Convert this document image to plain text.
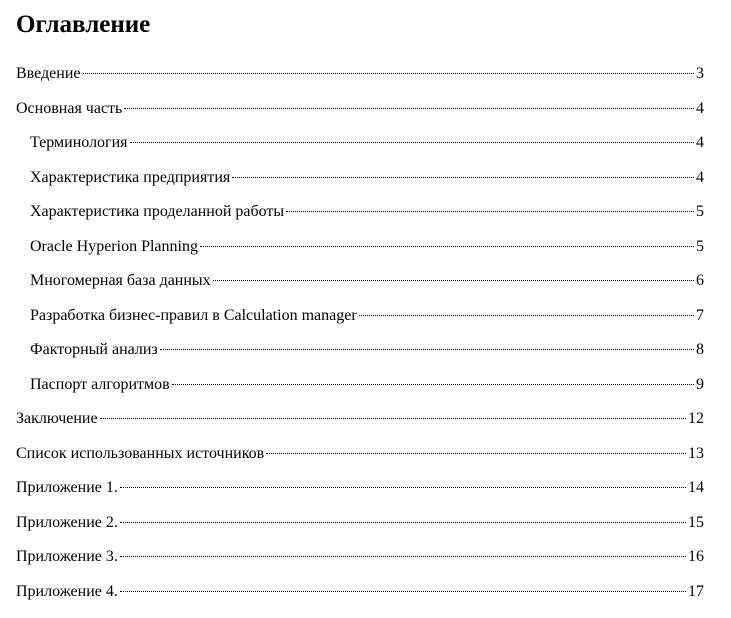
Оглавление
Введение	3
Основная часть	4
Терминология	4
Характеристика предприятия	4
Характеристика проделанной работы	5
Oracle Hyperion Planning	5
Многомерная база данных	6
Разработка бизнес-правил в Calculation manager	7
Факторный анализ	8
Паспорт алгоритмов	9
Заключение	12
Список использованных источников	13
Приложение 1.	14
Приложение 2.	15
Приложение 3.	16
Приложение 4.	17
